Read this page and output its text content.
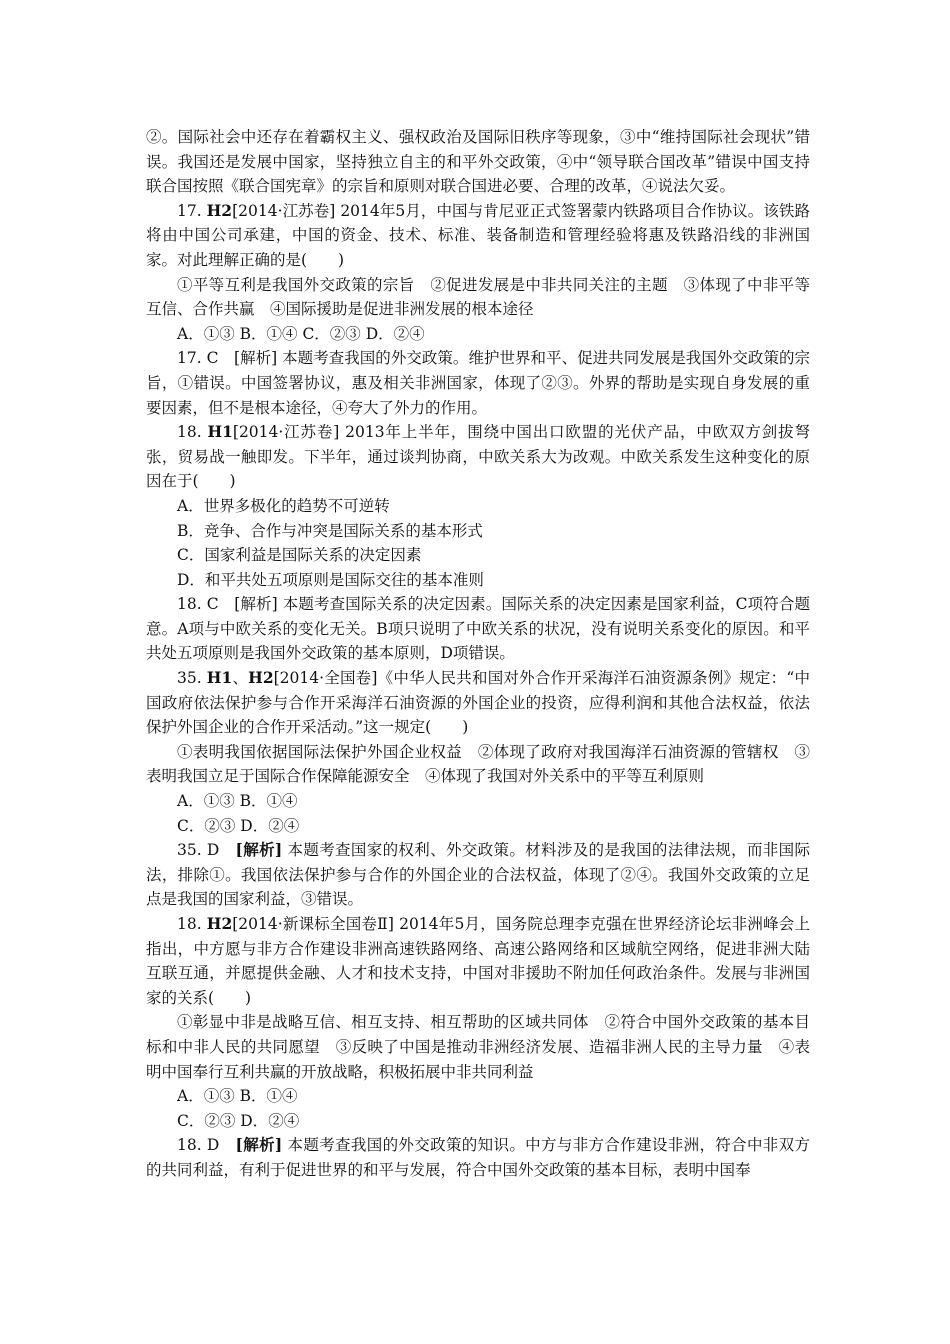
②。国际社会中还存在着霸权主义、强权政治及国际旧秩序等现象，③中“维持国际社会现状”错误。我国还是发展中国家，坚持独立自主的和平外交政策，④中“领导联合国改革”错误中国支持联合国按照《联合国宪章》的宗旨和原则对联合国进必要、合理的改革，④说法欠妥。

17. H2[2014·江苏卷] 2014年5月，中国与肯尼亚正式签署蒙内铁路项目合作协议。该铁路将由中国公司承建，中国的资金、技术、标准、装备制造和管理经验将惠及铁路沿线的非洲国家。对此理解正确的是(　　)

①平等互利是我国外交政策的宗旨　②促进发展是中非共同关注的主题　③体现了中非平等互信、合作共赢　④国际援助是促进非洲发展的根本途径

A．①③ B．①④ C．②③ D．②④

17. C　[解析] 本题考查我国的外交政策。维护世界和平、促进共同发展是我国外交政策的宗旨，①错误。中国签署协议，惠及相关非洲国家，体现了②③。外界的帮助是实现自身发展的重要因素，但不是根本途径，④夸大了外力的作用。

18. H1[2014·江苏卷] 2013年上半年，围绕中国出口欧盟的光伏产品，中欧双方剑拔弩张，贸易战一触即发。下半年，通过谈判协商，中欧关系大为改观。中欧关系发生这种变化的原因在于(　　)

A．世界多极化的趋势不可逆转

B．竞争、合作与冲突是国际关系的基本形式

C．国家利益是国际关系的决定因素

D．和平共处五项原则是国际交往的基本准则

18. C　[解析] 本题考查国际关系的决定因素。国际关系的决定因素是国家利益，C项符合题意。A项与中欧关系的变化无关。B项只说明了中欧关系的状况，没有说明关系变化的原因。和平共处五项原则是我国外交政策的基本原则，D项错误。

35. H1、H2[2014·全国卷]《中华人民共和国对外合作开采海洋石油资源条例》规定：“中国政府依法保护参与合作开采海洋石油资源的外国企业的投资，应得利润和其他合法权益，依法保护外国企业的合作开采活动。”这一规定(　　)

①表明我国依据国际法保护外国企业权益　②体现了政府对我国海洋石油资源的管辖权　③表明我国立足于国际合作保障能源安全　④体现了我国对外关系中的平等互利原则

A．①③ B．①④

C．②③ D．②④

35. D　[解析] 本题考查国家的权利、外交政策。材料涉及的是我国的法律法规，而非国际法，排除①。我国依法保护参与合作的外国企业的合法权益，体现了②④。我国外交政策的立足点是我国的国家利益，③错误。

18. H2[2014·新课标全国卷Ⅱ] 2014年5月，国务院总理李克强在世界经济论坛非洲峰会上指出，中方愿与非方合作建设非洲高速铁路网络、高速公路网络和区域航空网络，促进非洲大陆互联互通，并愿提供金融、人才和技术支持，中国对非援助不附加任何政治条件。发展与非洲国家的关系(　　)

①彰显中非是战略互信、相互支持、相互帮助的区域共同体　②符合中国外交政策的基本目标和中非人民的共同愿望　③反映了中国是推动非洲经济发展、造福非洲人民的主导力量　④表明中国奉行互利共赢的开放战略，积极拓展中非共同利益

A．①③ B．①④

C．②③ D．②④

18. D　[解析] 本题考查我国的外交政策的知识。中方与非方合作建设非洲，符合中非双方的共同利益，有利于促进世界的和平与发展，符合中国外交政策的基本目标，表明中国奉
